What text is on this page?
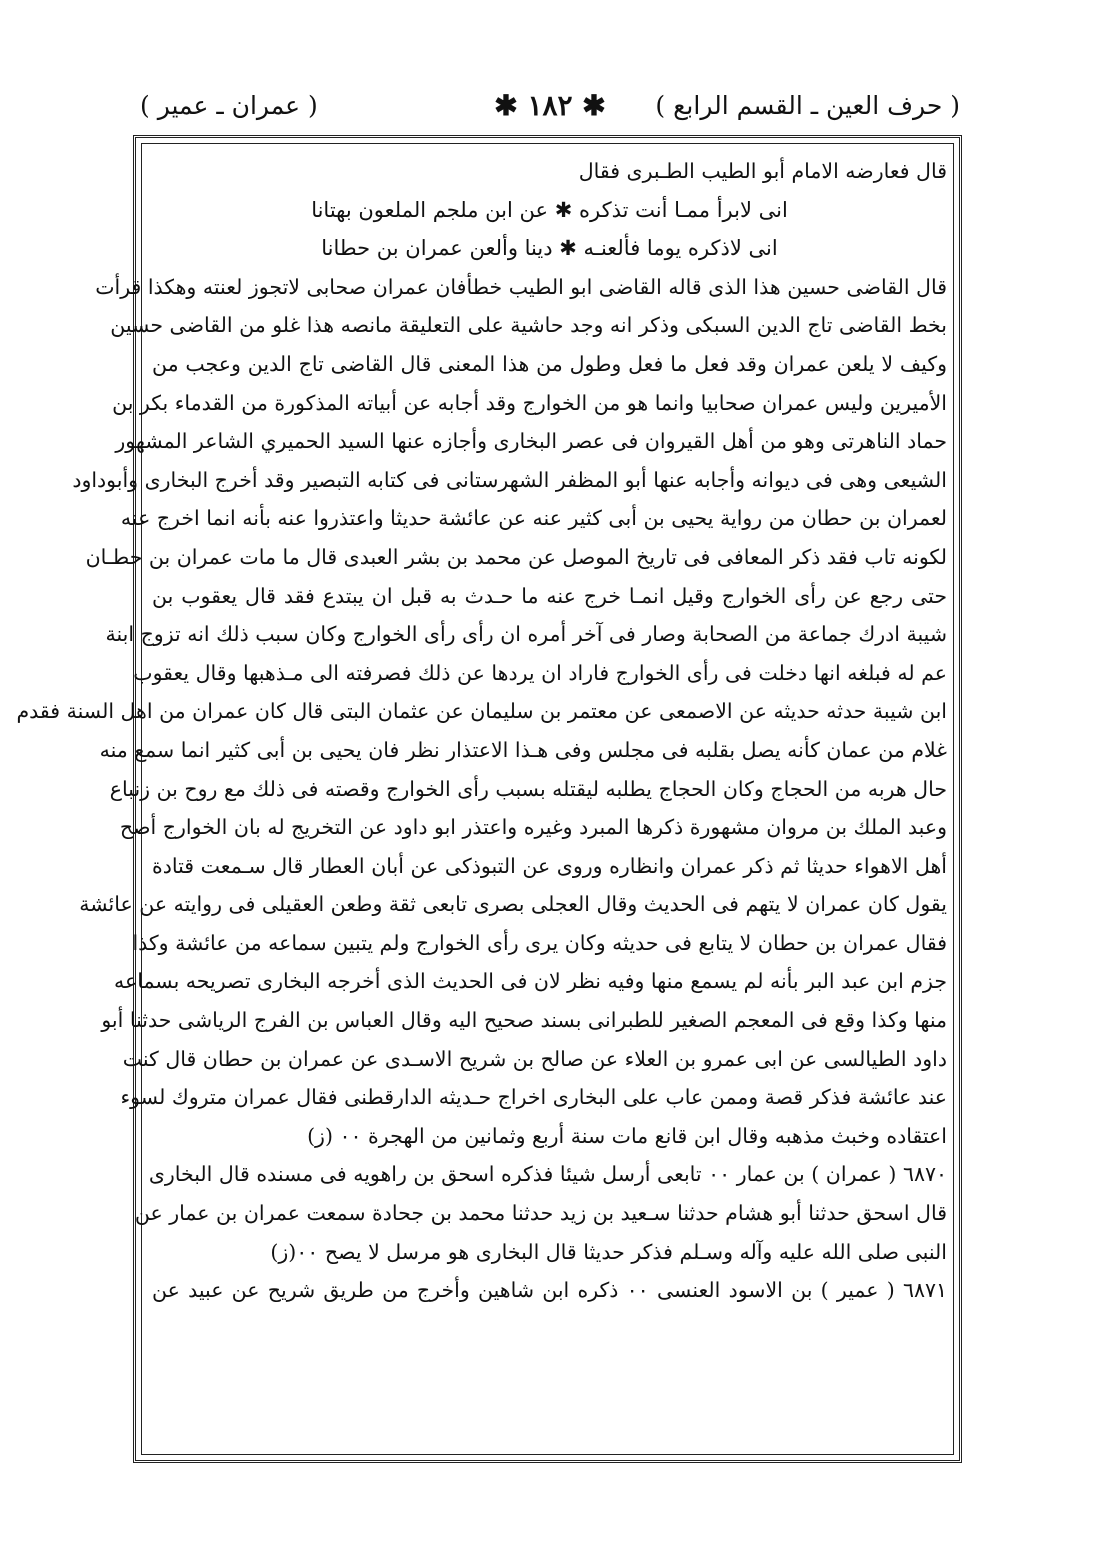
( حرف العين ـ القسم الرابع )
✱ ١٨٢ ✱
( عمران ـ عمير )
قال فعارضه الامام أبو الطيب الطـبرى فقال
انى لابرأ ممـا أنت تذكره ✱ عن ابن ملجم الملعون بهتانا
انى لاذكره يوما فألعنـه ✱ دينا وألعن عمران بن حطانا
قال القاضى حسين هذا الذى قاله القاضى ابو الطيب خطأفان عمران صحابى لاتجوز لعنته وهكذا قرأت
بخط القاضى تاج الدين السبكى وذكر انه وجد حاشية على التعليقة مانصه هذا غلو من القاضى حسين
وكيف لا يلعن عمران وقد فعل ما فعل وطول من هذا المعنى قال القاضى تاج الدين وعجب من
الأميرين وليس عمران صحابيا وانما هو من الخوارج وقد أجابه عن أبياته المذكورة من القدماء بكر بن
حماد الناهرتى وهو من أهل القيروان فى عصر البخارى وأجازه عنها السيد الحميري الشاعر المشهور
الشيعى وهى فى ديوانه وأجابه عنها أبو المظفر الشهرستانى فى كتابه التبصير وقد أخرج البخارى وأبوداود
لعمران بن حطان من رواية يحيى بن أبى كثير عنه عن عائشة حديثا واعتذروا عنه بأنه انما اخرج عنه
لكونه تاب فقد ذكر المعافى فى تاريخ الموصل عن محمد بن بشر العبدى قال ما مات عمران بن حطـان
حتى رجع عن رأى الخوارج وقيل انمـا خرج عنه ما حـدث به قبل ان يبتدع فقد قال يعقوب بن
شيبة ادرك جماعة من الصحابة وصار فى آخر أمره ان رأى رأى الخوارج وكان سبب ذلك انه تزوج ابنة
عم له فبلغه انها دخلت فى رأى الخوارج فاراد ان يردها عن ذلك فصرفته الى مـذهبها وقال يعقوب
ابن شيبة حدثه حديثه عن الاصمعى عن معتمر بن سليمان عن عثمان البتى قال كان عمران من اهل السنة فقدم
غلام من عمان كأنه يصل بقلبه فى مجلس وفى هـذا الاعتذار نظر فان يحيى بن أبى كثير انما سمع منه
حال هربه من الحجاج وكان الحجاج يطلبه ليقتله بسبب رأى الخوارج وقصته فى ذلك مع روح بن زنباع
وعبد الملك بن مروان مشهورة ذكرها المبرد وغيره واعتذر ابو داود عن التخريج له بان الخوارج أصح
أهل الاهواء حديثا ثم ذكر عمران وانظاره وروى عن التبوذكى عن أبان العطار قال سـمعت قتادة
يقول كان عمران لا يتهم فى الحديث وقال العجلى بصرى تابعى ثقة وطعن العقيلى فى روايته عن عائشة
فقال عمران بن حطان لا يتابع فى حديثه وكان يرى رأى الخوارج ولم يتبين سماعه من عائشة وكذا
جزم ابن عبد البر بأنه لم يسمع منها وفيه نظر لان فى الحديث الذى أخرجه البخارى تصريحه بسماعه
منها وكذا وقع فى المعجم الصغير للطبرانى بسند صحيح اليه وقال العباس بن الفرج الرياشى حدثنا أبو
داود الطيالسى عن ابى عمرو بن العلاء عن صالح بن شريح الاسـدى عن عمران بن حطان قال كنت
عند عائشة فذكر قصة وممن عاب على البخارى اخراج حـديثه الدارقطنى فقال عمران متروك لسوء
اعتقاده وخبث مذهبه وقال ابن قانع مات سنة أربع وثمانين من الهجرة ٠٠ (ز)
٦٨٧٠ ( عمران ) بن عمار ٠٠ تابعى أرسل شيئا فذكره اسحق بن راهويه فى مسنده قال البخارى
قال اسحق حدثنا أبو هشام حدثنا سـعيد بن زيد حدثنا محمد بن جحادة سمعت عمران بن عمار عن
النبى صلى الله عليه وآله وسـلم فذكر حديثا قال البخارى هو مرسل لا يصح ٠٠(ز)
٦٨٧١ ( عمير ) بن الاسود العنسى ٠٠ ذكره ابن شاهين وأخرج من طريق شريح عن عبيد عن
